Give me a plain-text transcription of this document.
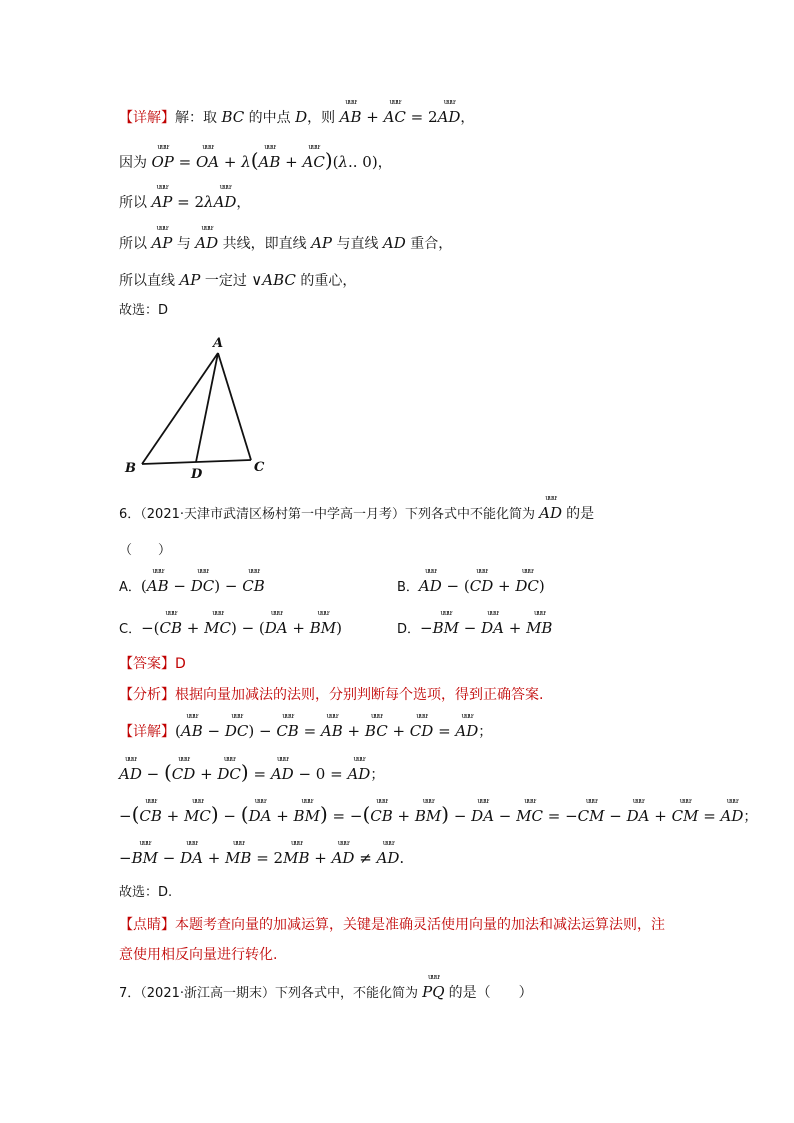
【详解】解：取 BC 的中点 D，则 ưưư AB + ưưư AC = 2ưưư AD，
因为 ưưư OP = ưưư OA + λ(ưưư AB + ưưư AC)(λ.. 0)，
所以 ưưư AP = 2λưưư AD，
所以 ưưư AP 与 ưưư AD 共线，即直线 AP 与直线 AD 重合，
所以直线 AP 一定过 ∨ABC 的重心，
故选：D
A
B	C
D
6．（2021·天津市武清区杨村第一中学高一月考）下列各式中不能化简为 ưưư AD 的是
（　　）
A．(ưưư AB − ưưư DC) − ưưư CB	B．ưưư AD − (ưưư CD + ưưư DC)
C．−(ưưư CB + ưưư MC) − (ưưư DA + ưưư BM)	D．−ưưư BM − ưưư DA + ưưư MB
【答案】D
【分析】根据向量加减法的法则，分别判断每个选项，得到正确答案.
【详解】(ưưư AB − ưưư DC) − ưưư CB = ưưư AB + ưưư BC + ưưư CD = ưưư AD；
ưưư AD − (ưưư CD + ưưư DC) = ưưư AD − 0 = ưưư AD；
−(ưưư CB + ưưư MC) − (ưưư DA + ưưư BM) = −(ưưư CB + ưưư BM) − ưưư DA − ưưư MC = −ưưư CM − ưưư DA + ưưư CM = ưưư AD；
−ưưư BM − ưưư DA + ưưư MB = 2ưưư MB + ưưư AD ≠ ưưư AD.
故选：D.
【点睛】本题考查向量的加减运算，关键是准确灵活使用向量的加法和减法运算法则，注
意使用相反向量进行转化.
7．（2021·浙江高一期末）下列各式中，不能化简为 ưưư PQ 的是（　　）
